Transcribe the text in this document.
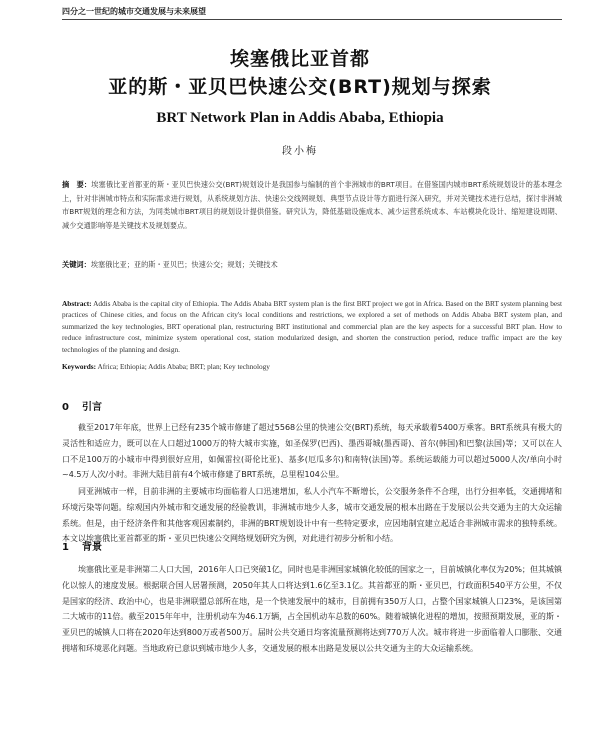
四分之一世纪的城市交通发展与未来展望
埃塞俄比亚首都
亚的斯・亚贝巴快速公交(BRT)规划与探索
BRT Network Plan in Addis Ababa, Ethiopia
段小梅
摘　要：埃塞俄比亚首都亚的斯・亚贝巴快速公交(BRT)规划设计是我国参与编制的首个非洲城市的BRT项目。在借鉴国内城市BRT系统规划设计的基本理念上，针对非洲城市特点和实际需求进行规划，从系统规划方法、快速公交线网规划、典型节点设计等方面进行深入研究，并对关键技术进行总结，探讨非洲城市BRT规划的理念和方法，为同类城市BRT项目的规划设计提供借鉴。研究认为，降低基础设施成本、减少运营系统成本、车站模块化设计、缩短建设周期、减少交通影响等是关键技术及规划要点。
关键词：埃塞俄比亚；亚的斯・亚贝巴；快速公交；规划；关键技术
Abstract: Addis Ababa is the capital city of Ethiopia. The Addis Ababa BRT system plan is the first BRT project we got in Africa. Based on the BRT system planning best practices of Chinese cities, and focus on the African city's local conditions and restrictions, we explored a set of methods on Addis Ababa BRT system plan, and summarized the key technologies, BRT operational plan, restructuring BRT institutional and commercial plan are the key aspects for a successful BRT plan. How to reduce infrastructure cost, minimize system operational cost, station modularized design, and shorten the construction period, reduce traffic impact are the key technologies of the planning and design.
Keywords: Africa; Ethiopia; Addis Ababa; BRT; plan; Key technology
0 引言
截至2017年年底，世界上已经有235个城市修建了超过5568公里的快速公交(BRT)系统，每天承载着5400万乘客。BRT系统具有极大的灵活性和适应力，既可以在人口超过1000万的特大城市实施，如圣保罗(巴西)、墨西哥城(墨西哥)、首尔(韩国)和巴黎(法国)等；又可以在人口不足100万的小城市中得到很好应用，如佩雷拉(哥伦比亚)、基多(厄瓜多尔)和南特(法国)等。系统运载能力可以超过5000人次/单向小时~4.5万人次/小时。非洲大陆目前有4个城市修建了BRT系统，总里程104公里。
同亚洲城市一样，目前非洲的主要城市均面临着人口迅速增加，私人小汽车不断增长，公交服务条件不合理，出行分担率低，交通拥堵和环境污染等问题。综观国内外城市和交通发展的经验教训，非洲城市地少人多，城市交通发展的根本出路在于发展以公共交通为主的大众运输系统。但是，由于经济条件和其他客观因素制约，非洲的BRT规划设计中有一些特定要求，应因地制宜建立起适合非洲城市需求的独特系统。本文以埃塞俄比亚首都亚的斯・亚贝巴快速公交网络规划研究为例，对此进行初步分析和小结。
1 背景
埃塞俄比亚是非洲第二人口大国，2016年人口已突破1亿，同时也是非洲国家城镇化较低的国家之一，目前城镇化率仅为20%；但其城镇化以惊人的速度发展。根据联合国人居署预测，2050年其人口将达到1.6亿至3.1亿。其首都亚的斯・亚贝巴，行政面积540平方公里，不仅是国家的经济、政治中心，也是非洲联盟总部所在地，是一个快速发展中的城市，目前拥有350万人口，占整个国家城镇人口23%，是该国第二大城市的11倍。截至2015年年中，注册机动车为46.1万辆，占全国机动车总数的60%。随着城镇化进程的增加，按照预期发展，亚的斯・亚贝巴的城镇人口将在2020年达到800万或者500万。届时公共交通日均客流量预测将达到770万人次。城市将进一步面临着人口膨胀、交通拥堵和环境恶化问题。当地政府已意识到城市地少人多，交通发展的根本出路是发展以公共交通为主的大众运输系统。
